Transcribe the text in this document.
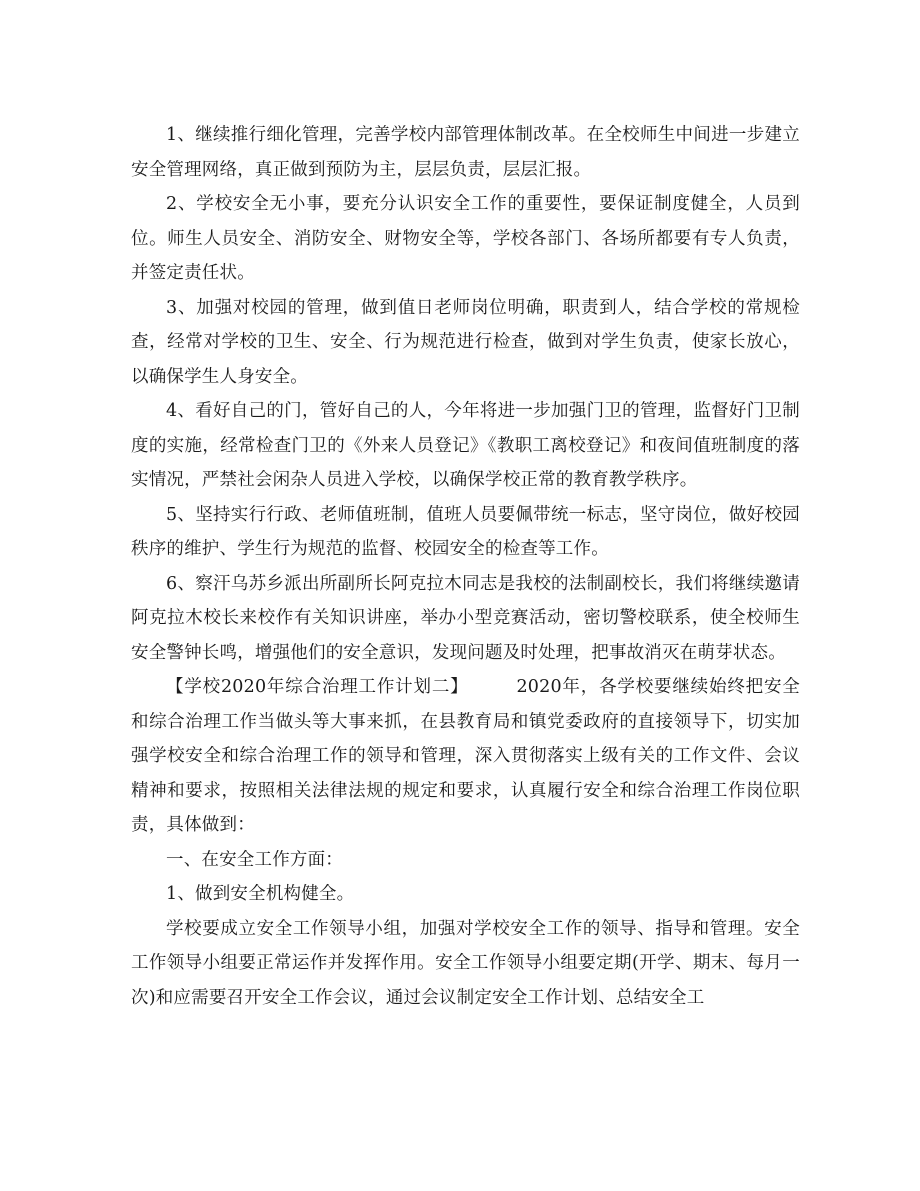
1、继续推行细化管理，完善学校内部管理体制改革。在全校师生中间进一步建立安全管理网络，真正做到预防为主，层层负责，层层汇报。

2、学校安全无小事，要充分认识安全工作的重要性，要保证制度健全，人员到位。师生人员安全、消防安全、财物安全等，学校各部门、各场所都要有专人负责，并签定责任状。

3、加强对校园的管理，做到值日老师岗位明确，职责到人，结合学校的常规检查，经常对学校的卫生、安全、行为规范进行检查，做到对学生负责，使家长放心，以确保学生人身安全。

4、看好自己的门，管好自己的人，今年将进一步加强门卫的管理，监督好门卫制度的实施，经常检查门卫的《外来人员登记》《教职工离校登记》和夜间值班制度的落实情况，严禁社会闲杂人员进入学校，以确保学校正常的教育教学秩序。

5、坚持实行行政、老师值班制，值班人员要佩带统一标志，坚守岗位，做好校园秩序的维护、学生行为规范的监督、校园安全的检查等工作。

6、察汗乌苏乡派出所副所长阿克拉木同志是我校的法制副校长，我们将继续邀请阿克拉木校长来校作有关知识讲座，举办小型竞赛活动，密切警校联系，使全校师生安全警钟长鸣，增强他们的安全意识，发现问题及时处理，把事故消灭在萌芽状态。

【学校2020年综合治理工作计划二】	2020年，各学校要继续始终把安全和综合治理工作当做头等大事来抓，在县教育局和镇党委政府的直接领导下，切实加强学校安全和综合治理工作的领导和管理，深入贯彻落实上级有关的工作文件、会议精神和要求，按照相关法律法规的规定和要求，认真履行安全和综合治理工作岗位职责，具体做到：

一、在安全工作方面：

1、做到安全机构健全。

学校要成立安全工作领导小组，加强对学校安全工作的领导、指导和管理。安全工作领导小组要正常运作并发挥作用。安全工作领导小组要定期(开学、期末、每月一次)和应需要召开安全工作会议，通过会议制定安全工作计划、总结安全工
